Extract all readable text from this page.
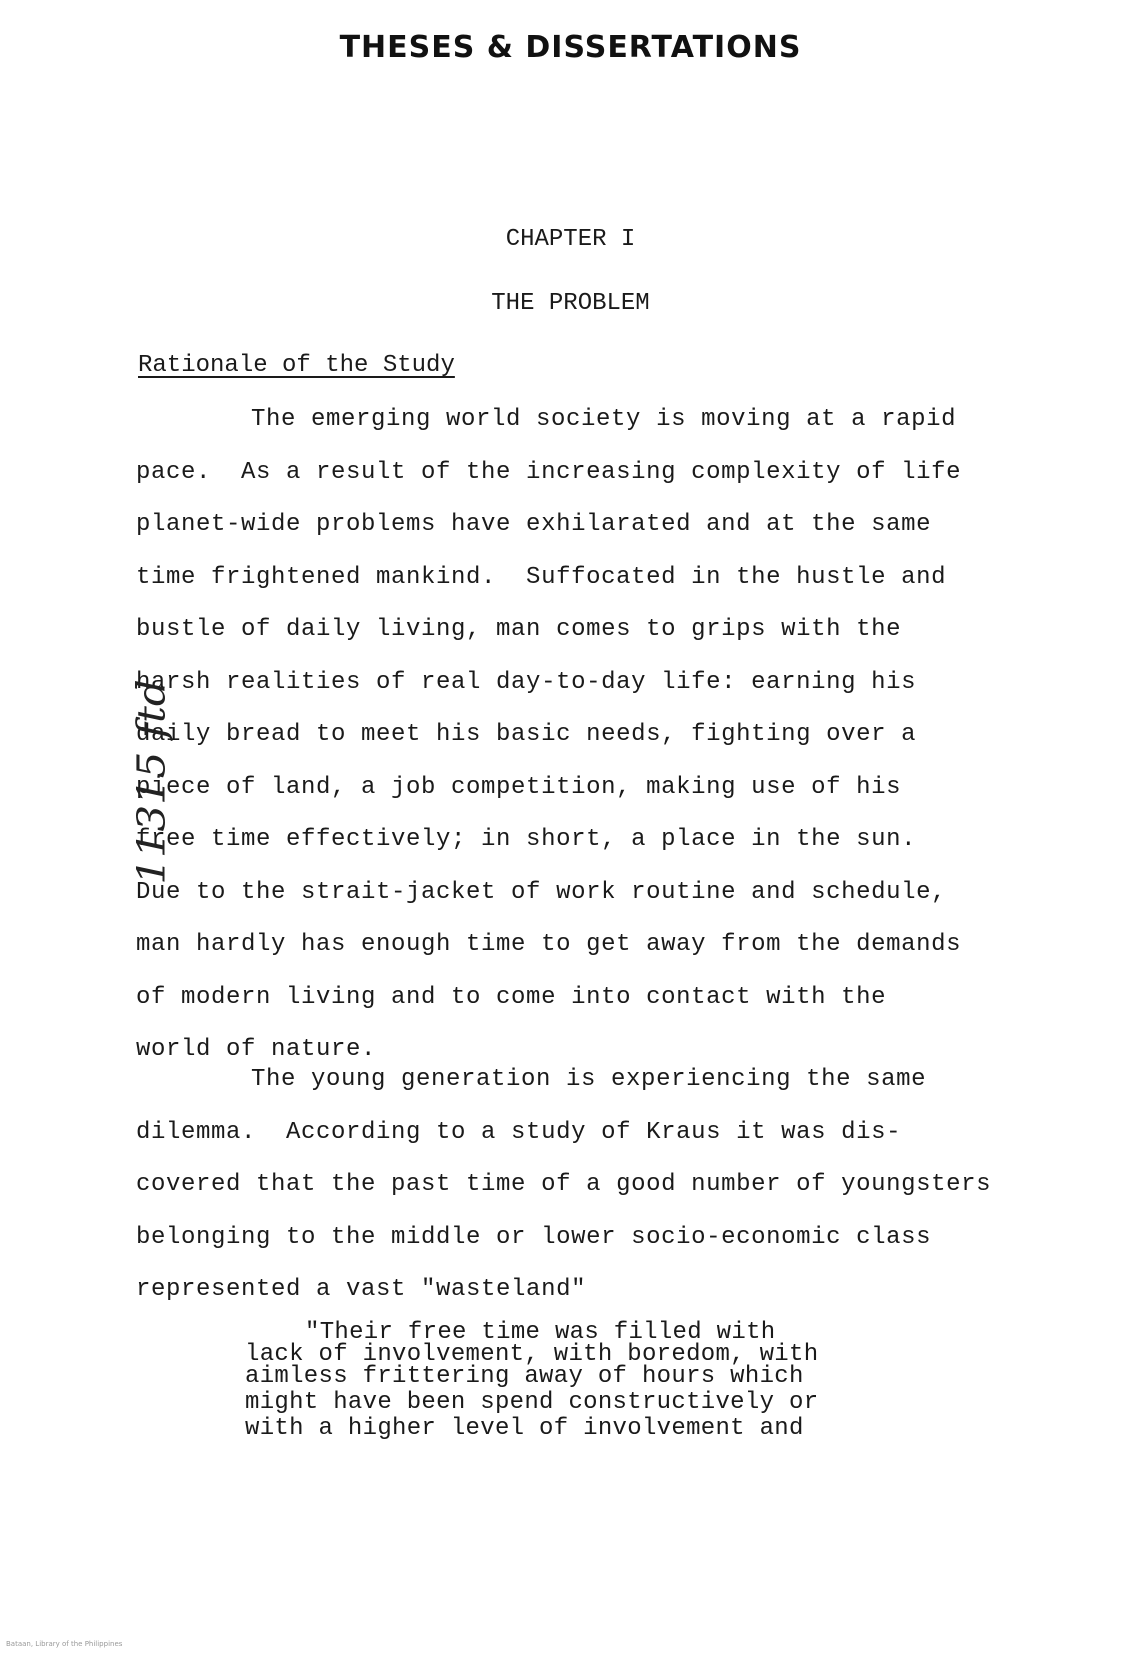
THESES & DISSERTATIONS
CHAPTER I
THE PROBLEM
Rationale of the Study
The emerging world society is moving at a rapid
pace.  As a result of the increasing complexity of life
planet-wide problems have exhilarated and at the same
time frightened mankind.  Suffocated in the hustle and
bustle of daily living, man comes to grips with the
harsh realities of real day-to-day life: earning his
daily bread to meet his basic needs, fighting over a
piece of land, a job competition, making use of his
free time effectively; in short, a place in the sun.
Due to the strait-jacket of work routine and schedule,
man hardly has enough time to get away from the demands
of modern living and to come into contact with the
world of nature.
The young generation is experiencing the same
dilemma.  According to a study of Kraus it was dis-
covered that the past time of a good number of youngsters
belonging to the middle or lower socio-economic class
represented a vast "wasteland"
"Their free time was filled with
lack of involvement, with boredom, with
aimless frittering away of hours which
might have been spend constructively or
with a higher level of involvement and
11315 ftd
Bataan, Library of the Philippines
